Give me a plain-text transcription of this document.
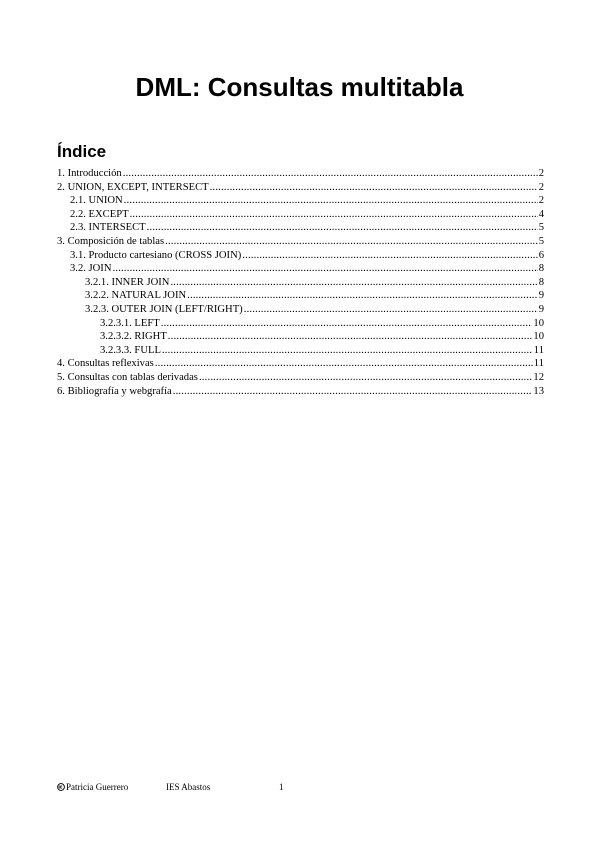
DML: Consultas multitabla
Índice
1. Introducción .....	2
2. UNION, EXCEPT, INTERSECT .....	2
2.1. UNION .....	2
2.2. EXCEPT .....	4
2.3. INTERSECT .....	5
3. Composición de tablas .....	5
3.1. Producto cartesiano (CROSS JOIN) .....	6
3.2. JOIN .....	8
3.2.1. INNER JOIN .....	8
3.2.2. NATURAL JOIN .....	9
3.2.3. OUTER JOIN (LEFT/RIGHT) .....	9
3.2.3.1. LEFT .....	10
3.2.3.2. RIGHT .....	10
3.2.3.3. FULL .....	11
4. Consultas reflexivas .....	11
5. Consultas con tablas derivadas .....	12
6. Bibliografía y webgrafía .....	13
Patricia Guerrero	IES Abastos	1
